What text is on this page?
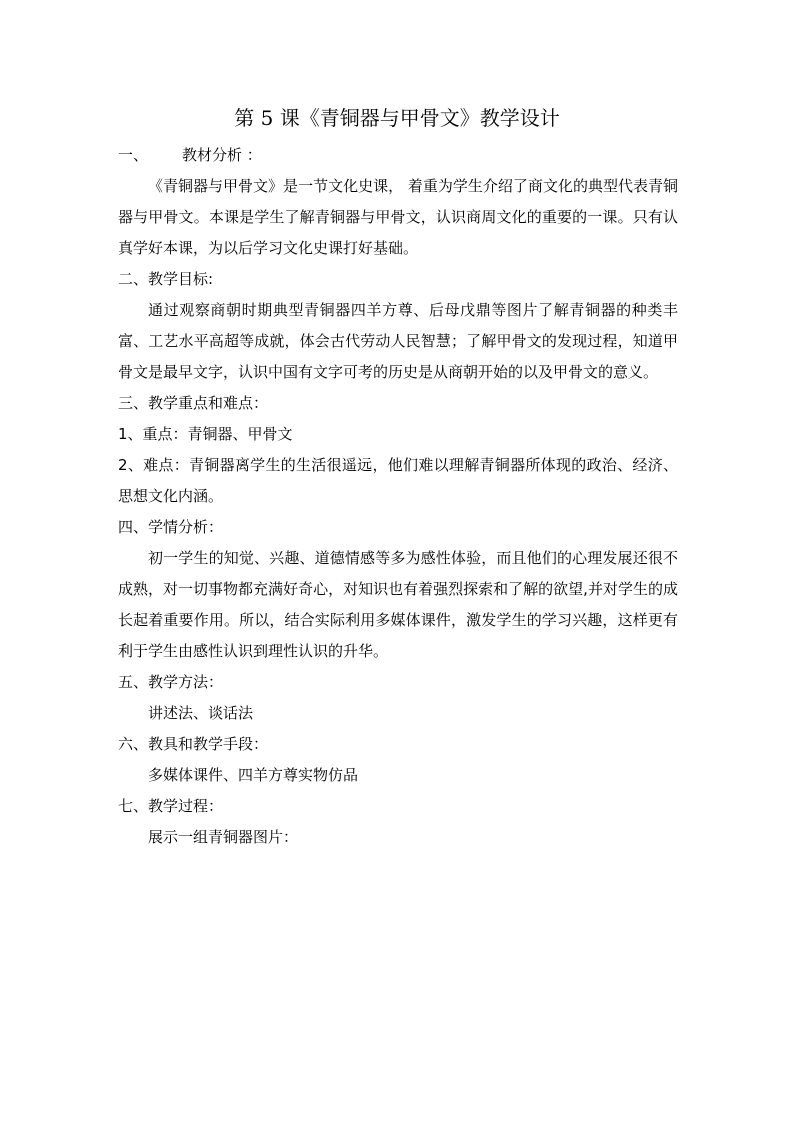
第 5 课《青铜器与甲骨文》教学设计
一、 教材分析 ：

《青铜器与甲骨文》是一节文化史课， 着重为学生介绍了商文化的典型代表青铜器与甲骨文。本课是学生了解青铜器与甲骨文，认识商周文化的重要的一课。只有认真学好本课，为以后学习文化史课打好基础。

二、教学目标:

通过观察商朝时期典型青铜器四羊方尊、后母戊鼎等图片了解青铜器的种类丰富、工艺水平高超等成就，体会古代劳动人民智慧；了解甲骨文的发现过程，知道甲骨文是最早文字，认识中国有文字可考的历史是从商朝开始的以及甲骨文的意义。

三、教学重点和难点：
1、重点：青铜器、甲骨文

2、难点：青铜器离学生的生活很遥远，他们难以理解青铜器所体现的政治、经济、思想文化内涵。

四、学情分析：

初一学生的知觉、兴趣、道德情感等多为感性体验，而且他们的心理发展还很不成熟，对一切事物都充满好奇心，对知识也有着强烈探索和了解的欲望,并对学生的成长起着重要作用。所以，结合实际利用多媒体课件，激发学生的学习兴趣，这样更有利于学生由感性认识到理性认识的升华。

五、教学方法：

讲述法、谈话法

六、教具和教学手段：

多媒体课件、四羊方尊实物仿品

七、教学过程：

展示一组青铜器图片：
